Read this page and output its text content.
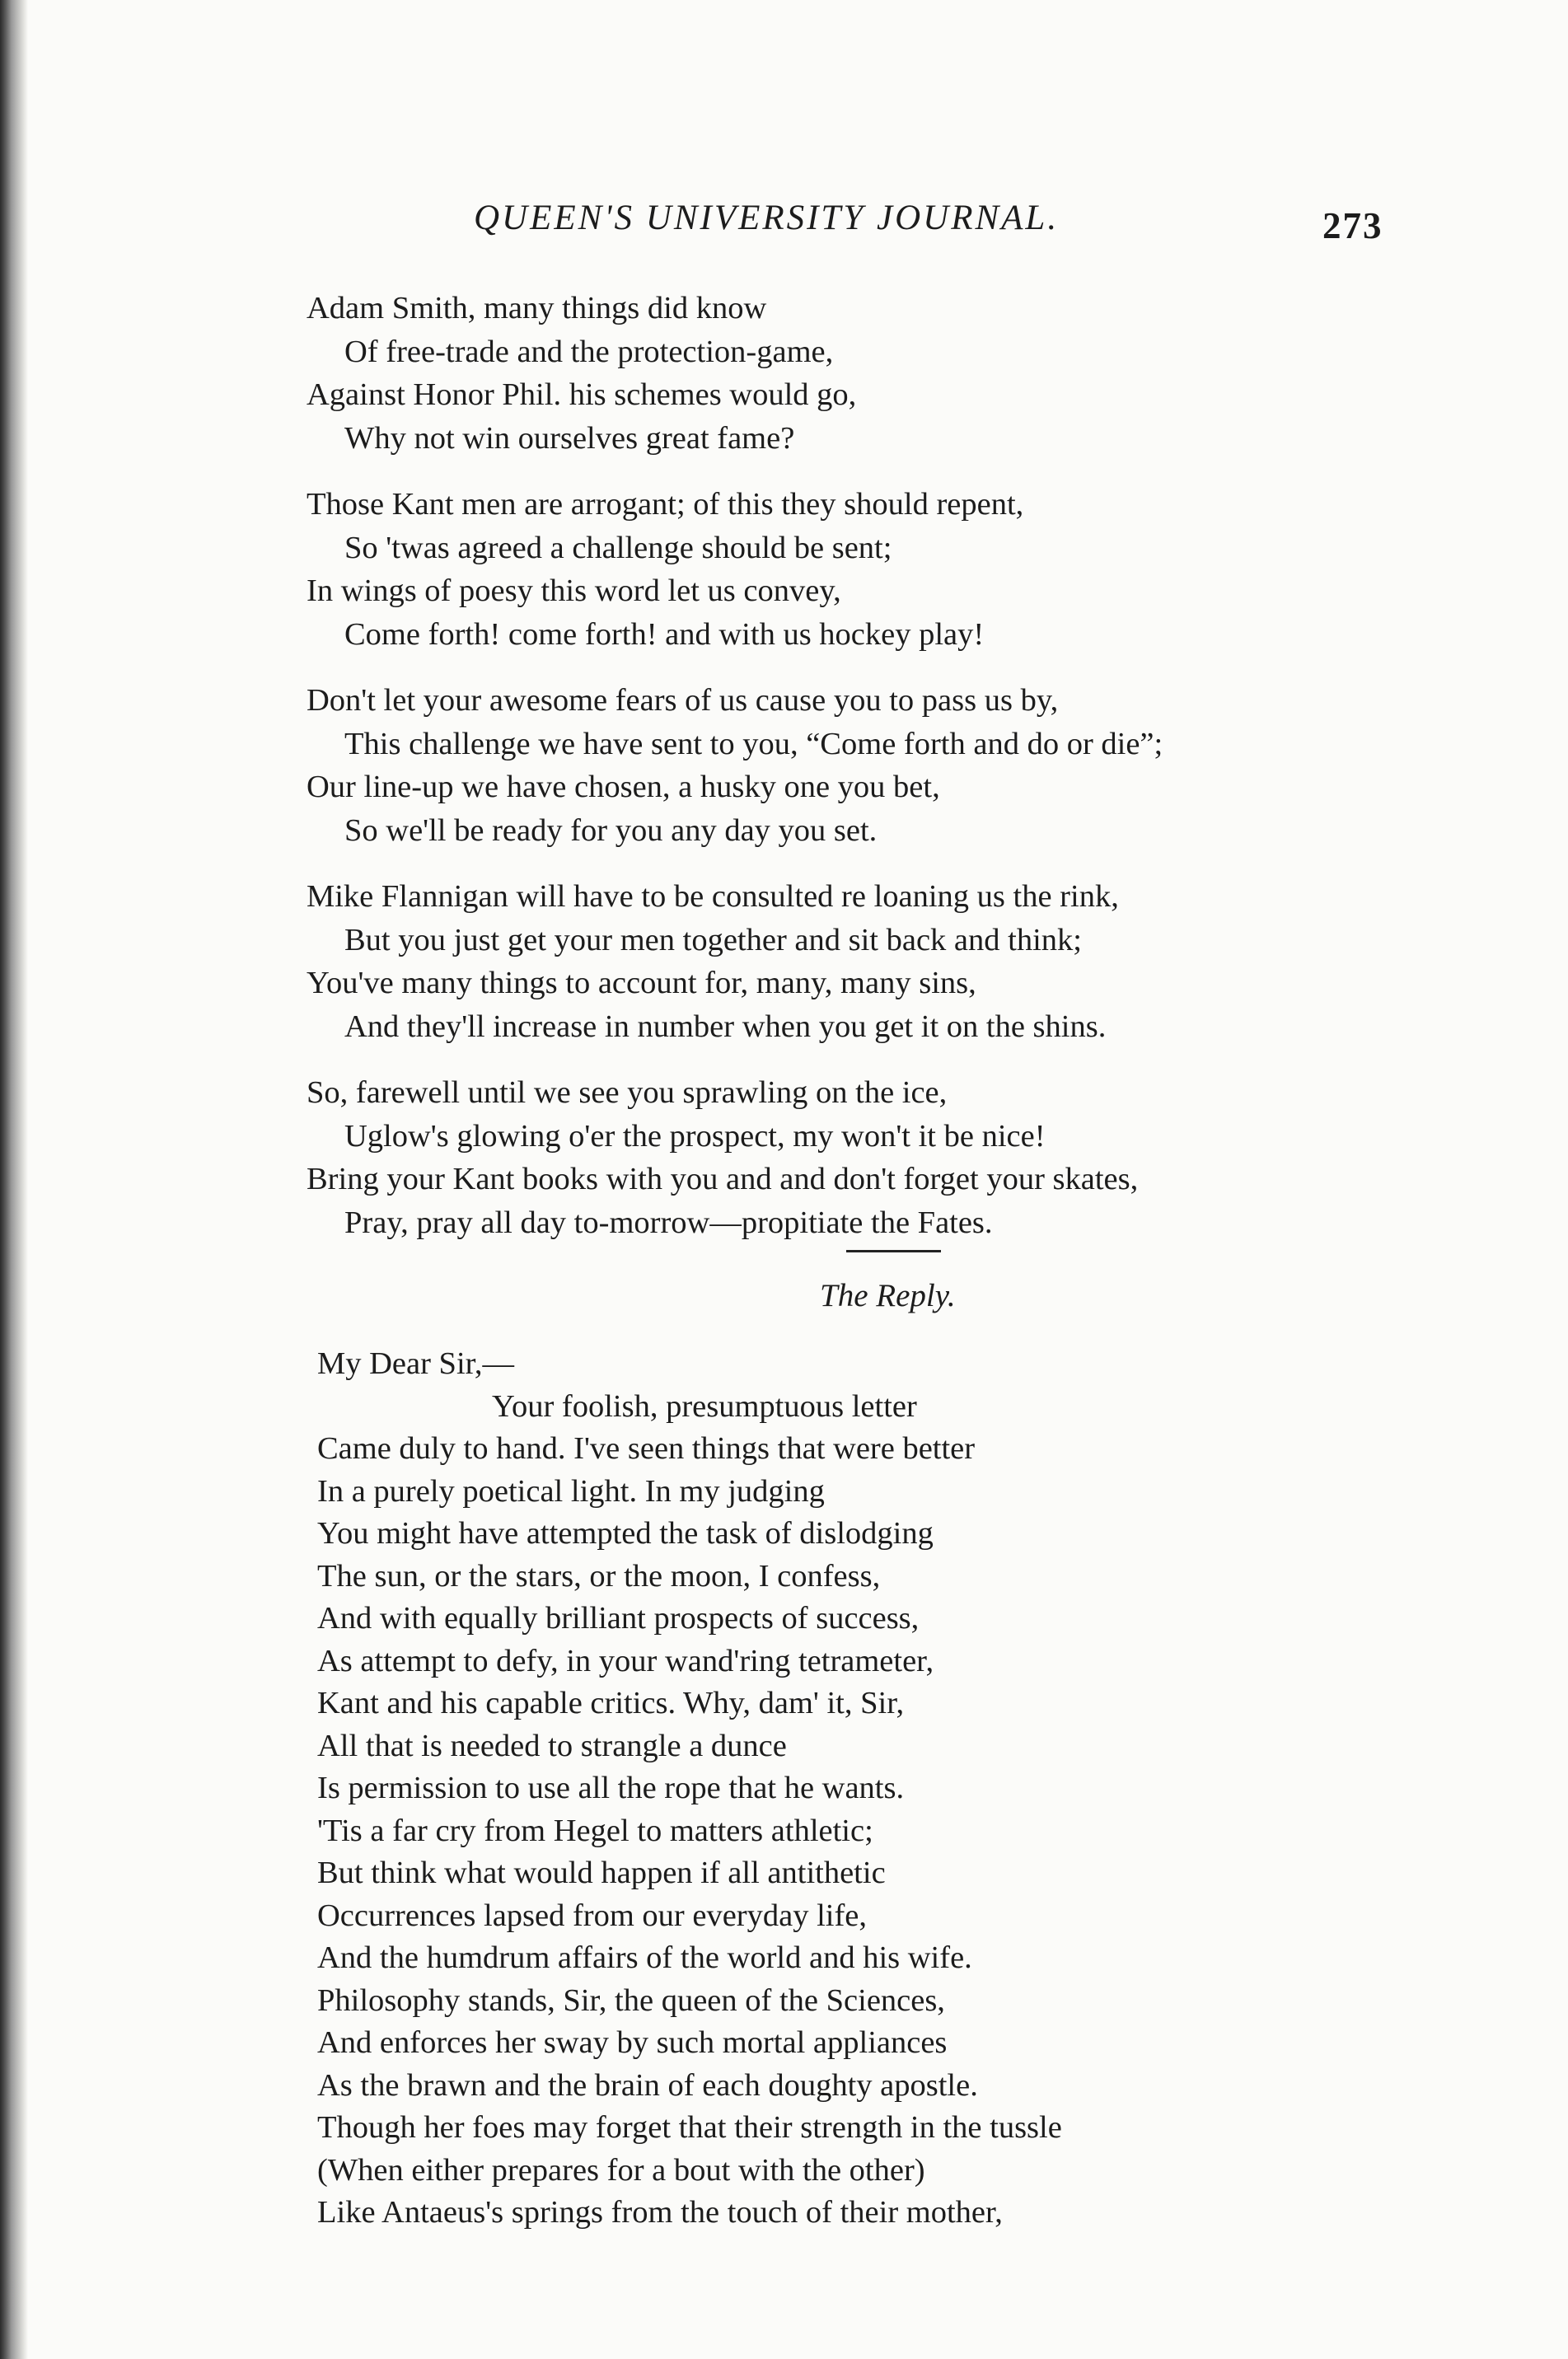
QUEEN'S UNIVERSITY JOURNAL.	273
Adam Smith, many things did know
Of free-trade and the protection-game,
Against Honor Phil. his schemes would go,
Why not win ourselves great fame?
Those Kant men are arrogant; of this they should repent,
So 'twas agreed a challenge should be sent;
In wings of poesy this word let us convey,
Come forth! come forth! and with us hockey play!
Don't let your awesome fears of us cause you to pass us by,
This challenge we have sent to you, “Come forth and do or die”;
Our line-up we have chosen, a husky one you bet,
So we'll be ready for you any day you set.
Mike Flannigan will have to be consulted re loaning us the rink,
But you just get your men together and sit back and think;
You've many things to account for, many, many sins,
And they'll increase in number when you get it on the shins.
So, farewell until we see you sprawling on the ice,
Uglow's glowing o'er the prospect, my won't it be nice!
Bring your Kant books with you and and don't forget your skates,
Pray, pray all day to-morrow—propitiate the Fates.
The Reply.
My Dear Sir,—
Your foolish, presumptuous letter
Came duly to hand. I've seen things that were better
In a purely poetical light. In my judging
You might have attempted the task of dislodging
The sun, or the stars, or the moon, I confess,
And with equally brilliant prospects of success,
As attempt to defy, in your wand'ring tetrameter,
Kant and his capable critics. Why, dam' it, Sir,
All that is needed to strangle a dunce
Is permission to use all the rope that he wants.
'Tis a far cry from Hegel to matters athletic;
But think what would happen if all antithetic
Occurrences lapsed from our everyday life,
And the humdrum affairs of the world and his wife.
Philosophy stands, Sir, the queen of the Sciences,
And enforces her sway by such mortal appliances
As the brawn and the brain of each doughty apostle.
Though her foes may forget that their strength in the tussle
(When either prepares for a bout with the other)
Like Antaeus's springs from the touch of their mother,
